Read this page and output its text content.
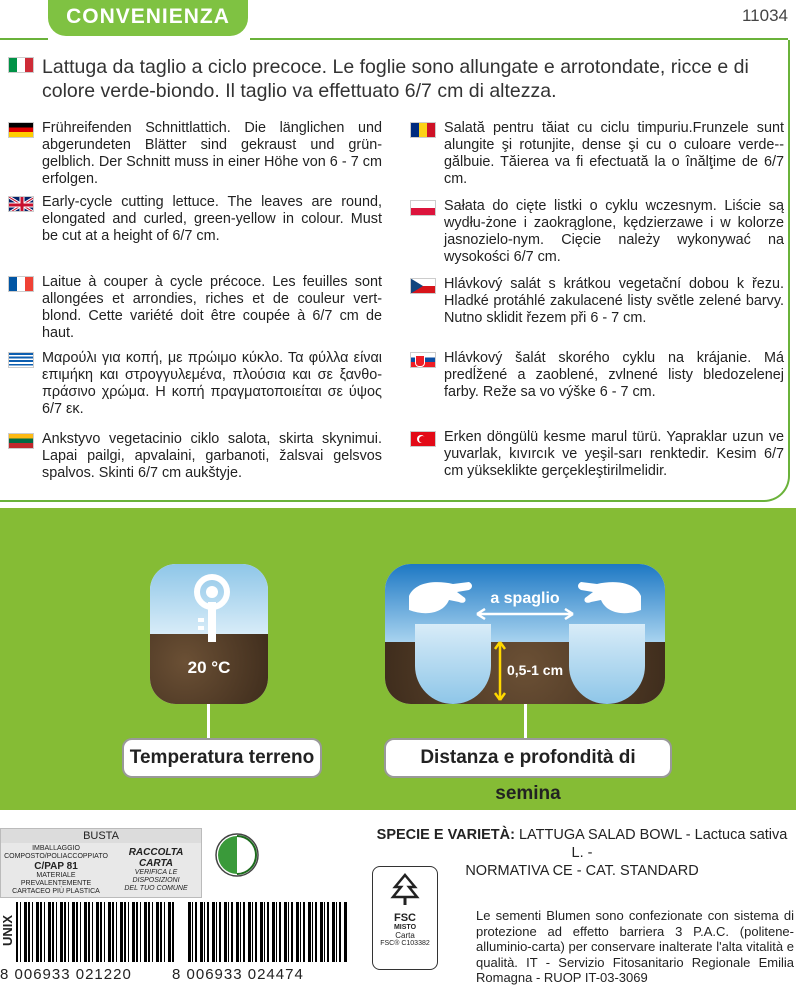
CONVENIENZA	11034
Lattuga da taglio a ciclo precoce. Le foglie sono allungate e arrotondate, ricce e di colore verde-biondo. Il taglio va effettuato 6/7 cm di altezza.
Frühreifenden Schnittlattich. Die länglichen und abgerundeten Blätter sind gekraust und grün-gelblich. Der Schnitt muss in einer Höhe von 6 - 7 cm erfolgen.
Early-cycle cutting lettuce. The leaves are round, elongated and curled, green-yellow in colour. Must be cut at a height of 6/7 cm.
Laitue à couper à cycle précoce. Les feuilles sont allongées et arrondies, riches et de couleur vert-blond. Cette variété doit être coupée à 6/7 cm de haut.
Μαρούλι για κοπή, με πρώιμο κύκλο. Τα φύλλα είναι επιμήκη και στρογγυλεμένα, πλούσια και σε ξανθο-πράσινο χρώμα. Η κοπή πραγματοποιείται σε ύψος 6/7 εκ.
Ankstyvo vegetacinio ciklo salota, skirta skynimui. Lapai pailgi, apvalaini, garbanoti, žalsvai gelsvos spalvos. Skinti 6/7 cm aukštyje.
Salată pentru tăiat cu ciclu timpuriu.Frunzele sunt alungite şi rotunjite, dense şi cu o culoare verde--gălbuie. Tăierea va fi efectuată la o înălţime de 6/7 cm.
Sałata do cięte listki o cyklu wczesnym. Liście są wydłu-żone i zaokrąglone, kędzierzawe i w kolorze jasnozielo-nym. Cięcie należy wykonywać na wysokości 6/7 cm.
Hlávkový salát s krátkou vegetační dobou k řezu. Hladké protáhlé zakulacené listy světle zelené barvy. Nutno sklidit řezem při 6 - 7 cm.
Hlávkový šalát skorého cyklu na krájanie. Má predĺžené a zaoblené, zvlnené listy bledozelenej farby. Reže sa vo výške 6 - 7 cm.
Erken döngülü kesme marul türü. Yapraklar uzun ve yuvarlak, kıvırcık ve yeşil-sarı renktedir. Kesim 6/7 cm yükseklikte gerçekleştirilmelidir.
20 °C
Temperatura terreno
a spaglio
0,5-1 cm
Distanza e profondità di semina
BUSTA
IMBALLAGGIO
COMPOSTO/POLIACCOPPIATO
C/PAP 81
MATERIALE PREVALENTEMENTE
CARTACEO PIÙ PLASTICA
RACCOLTA CARTA
VERIFICA LE DISPOSIZIONI
DEL TUO COMUNE
SPECIE E VARIETÀ: LATTUGA SALAD BOWL - Lactuca sativa L. -
NORMATIVA CE - CAT. STANDARD
FSC
MISTO
Carta
FSC® C103382
Le sementi Blumen sono confezionate con sistema di protezione ad effetto barriera 3 P.A.C. (politene-alluminio-carta) per conservare inalterate l'alta vitalità e qualità. IT - Servizio Fitosanitario Regionale Emilia Romagna - RUOP IT-03-3069
UNIX
8 006933 021220	8 006933 024474
